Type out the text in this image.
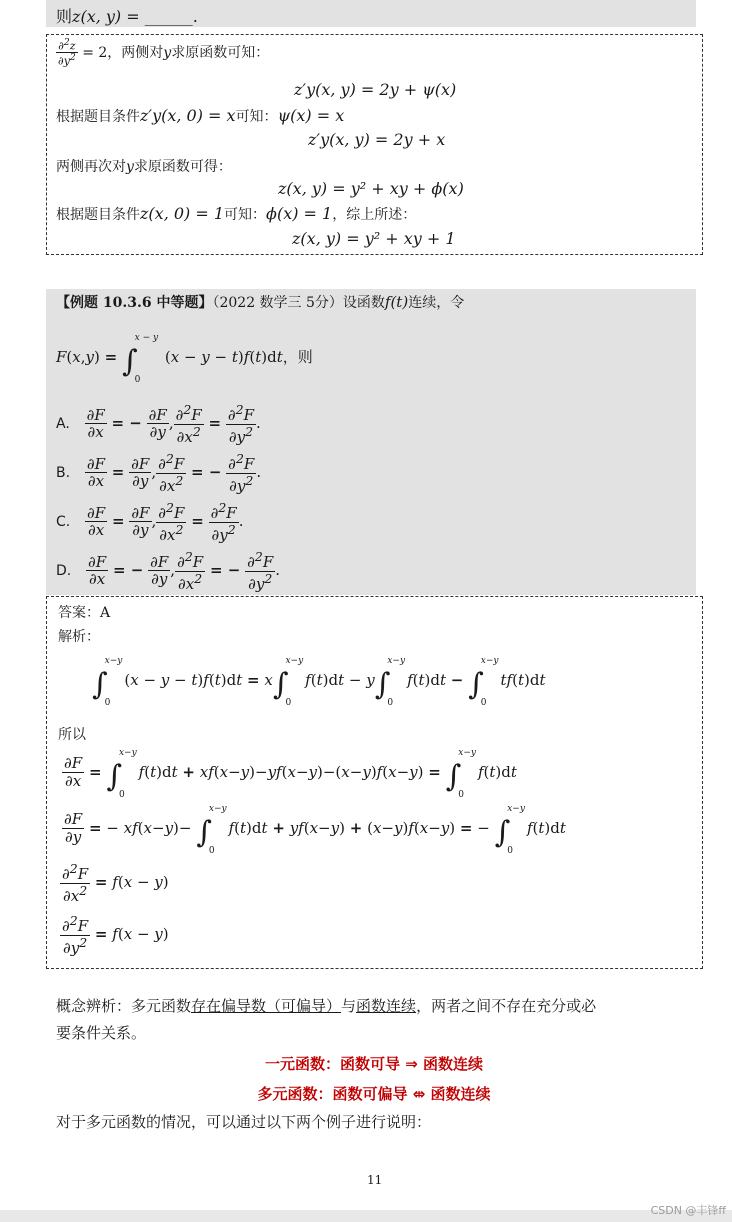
则z(x, y) = ______.
$\frac{\partial^2z}{\partial y^2} = 2$，两侧对y求原函数可知：
z′y(x, y) = 2y + ψ(x)
根据题目条件z′y(x, 0) = x可知：ψ(x) = x
z′y(x, y) = 2y + x
两侧再次对y求原函数可得：
z(x, y) = y² + xy + ϕ(x)
根据题目条件z(x, 0) = 1可知：ϕ(x) = 1，综上所述：
z(x, y) = y² + xy + 1
【例题 10.3.6 中等题】（2022 数学三 5分）设函数f(t)连续，令
F(x,y) = ∫
x − y
0
(x − y − t)f(t)dt，则
A. $\frac{\partial F}{\partial x}$ = − $\frac{\partial F}{\partial y}$ , $\frac{\partial^2F}{\partial x^2} = \frac{\partial^2F}{\partial y^2}$ .
B. $\frac{\partial F}{\partial x} = \frac{\partial F}{\partial y}$ , $\frac{\partial^2F}{\partial x^2}$ = − $\frac{\partial^2F}{\partial y^2}$ .
C. $\frac{\partial F}{\partial x} = \frac{\partial F}{\partial y}$ , $\frac{\partial^2F}{\partial x^2} = \frac{\partial^2F}{\partial y^2}$ .
D. $\frac{\partial F}{\partial x}$ = − $\frac{\partial F}{\partial y}$ , $\frac{\partial^2F}{\partial x^2}$ = − $\frac{\partial^2F}{\partial y^2}$ .
答案：A
解析：
∫
x−y
0
(x − y − t)f(t)dt = x∫
x−y
0
f(t)dt − y∫
x−y
0
f(t)dt − ∫
x−y
0
tf(t)dt
所以
$\frac{\partial F}{\partial x}$ = ∫
x−y
0
f(t)dt + xf(x−y)−yf(x−y)−(x−y)f(x−y) = ∫
x−y
0
f(t)dt
$\frac{\partial F}{\partial y}$ = − xf(x−y)− ∫
x−y
0
f(t)dt + yf(x−y) + (x−y)f(x−y) = − ∫
x−y
0
f(t)dt
$\frac{\partial^2F}{\partial x^2} = f(x - y)$
$\frac{\partial^2F}{\partial y^2} = f(x - y)$
概念辨析：多元函数存在偏导数（可偏导）与函数连续，两者之间不存在充分或必
要条件关系。
一元函数：函数可导 ⇒ 函数连续
多元函数：函数可偏导 ⇎ 函数连续
对于多元函数的情况，可以通过以下两个例子进行说明：
11
CSDN @丰锋ff
